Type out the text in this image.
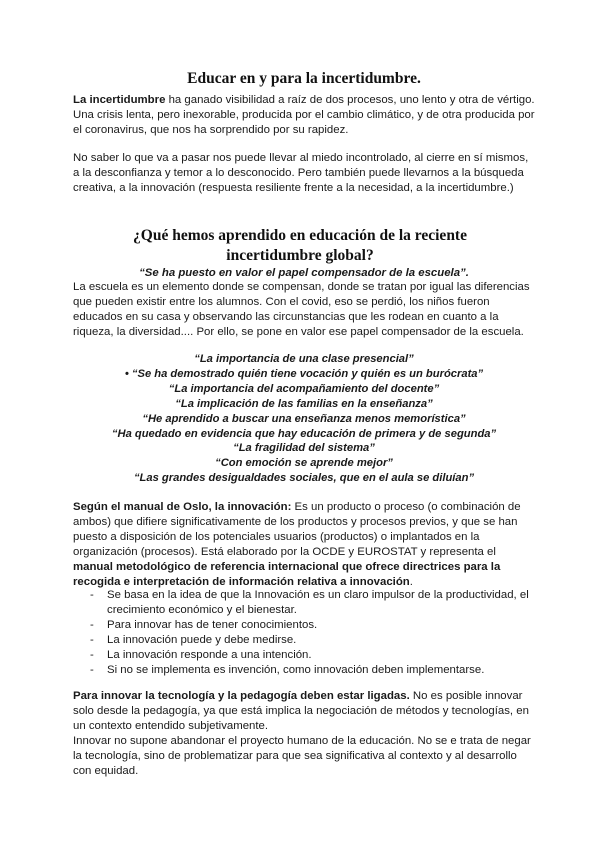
Educar en y para la incertidumbre.

La incertidumbre ha ganado visibilidad a raíz de dos procesos, uno lento y otra de vértigo. Una crisis lenta, pero inexorable, producida por el cambio climático, y de otra producida por el coronavirus, que nos ha sorprendido por su rapidez.

No saber lo que va a pasar nos puede llevar al miedo incontrolado, al cierre en sí mismos, a la desconfianza y temor a lo desconocido. Pero también puede llevarnos a la búsqueda creativa, a la innovación (respuesta resiliente frente a la necesidad, a la incertidumbre.)

¿Qué hemos aprendido en educación de la reciente incertidumbre global?

“Se ha puesto en valor el papel compensador de la escuela”.

La escuela es un elemento donde se compensan, donde se tratan por igual las diferencias que pueden existir entre los alumnos. Con el covid, eso se perdió, los niños fueron educados en su casa y observando las circunstancias que les rodean en cuanto a la riqueza, la diversidad.... Por ello, se pone en valor ese papel compensador de la escuela.

“La importancia de una clase presencial”
• “Se ha demostrado quién tiene vocación y quién es un burócrata”
“La importancia del acompañamiento del docente”
“La implicación de las familias en la enseñanza”
“He aprendido a buscar una enseñanza menos memorística”
“Ha quedado en evidencia que hay educación de primera y de segunda”
“La fragilidad del sistema”
“Con emoción se aprende mejor”
“Las grandes desigualdades sociales, que en el aula se diluían”

Según el manual de Oslo, la innovación: Es un producto o proceso (o combinación de ambos) que difiere significativamente de los productos y procesos previos, y que se han puesto a disposición de los potenciales usuarios (productos) o implantados en la organización (procesos). Está elaborado por la OCDE y EUROSTAT y representa el manual metodológico de referencia internacional que ofrece directrices para la recogida e interpretación de información relativa a innovación.

- Se basa en la idea de que la Innovación es un claro impulsor de la productividad, el crecimiento económico y el bienestar.
- Para innovar has de tener conocimientos.
- La innovación puede y debe medirse.
- La innovación responde a una intención.
- Si no se implementa es invención, como innovación deben implementarse.

Para innovar la tecnología y la pedagogía deben estar ligadas. No es posible innovar solo desde la pedagogía, ya que está implica la negociación de métodos y tecnologías, en un contexto entendido subjetivamente.
Innovar no supone abandonar el proyecto humano de la educación. No se e trata de negar la tecnología, sino de problematizar para que sea significativa al contexto y al desarrollo con equidad.
